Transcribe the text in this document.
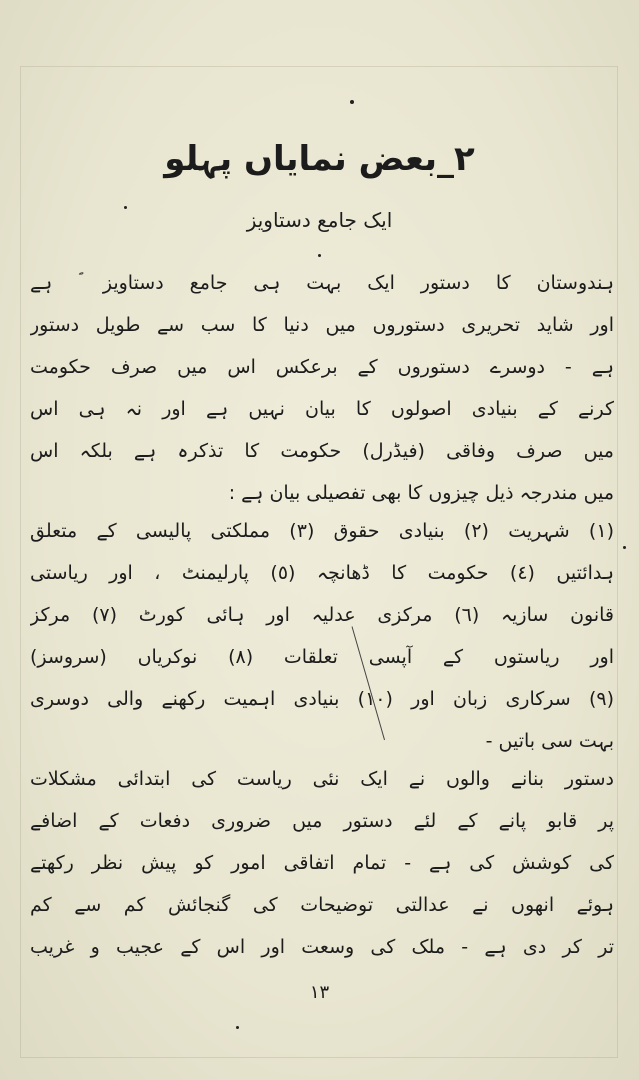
٢_بعض نمایاں پہلو
ایک جامع دستاویز
ہندوستان کا دستور ایک بہت ہی جامع دستاویز ؐ ہے
اور شاید تحریری دستوروں میں دنیا کا سب سے طویل دستور
ہے - دوسرے دستوروں کے برعکس اس میں صرف حکومت
کرنے کے بنیادی اصولوں کا بیان نہیں ہے اور نہ ہی اس
میں صرف وفاقی (فیڈرل) حکومت کا تذکرہ ہے بلکہ اس
میں مندرجہ ذیل چیزوں کا بھی تفصیلی بیان ہے :
(١) شہریت (٢) بنیادی حقوق (٣) مملکتی پالیسی کے متعلق
ہدائتیں (٤) حکومت کا ڈھانچہ (٥) پارلیمنٹ ، اور ریاستی
قانون سازیہ (٦) مرکزی عدلیہ اور ہائی کورٹ (٧) مرکز
اور ریاستوں کے آپسی تعلقات (٨) نوکریاں (سروسز)
(٩) سرکاری زبان اور (١٠) بنیادی اہمیت رکھنے والی دوسری
بہت سی باتیں -
دستور بنانے والوں نے ایک نئی ریاست کی ابتدائی مشکلات
پر قابو پانے کے لئے دستور میں ضروری دفعات کے اضافے
کی کوشش کی ہے - تمام اتفاقی امور کو پیش نظر رکھتے
ہوئے انھوں نے عدالتی توضیحات کی گنجائش کم سے کم
تر کر دی ہے - ملک کی وسعت اور اس کے عجیب و غریب
١٣
